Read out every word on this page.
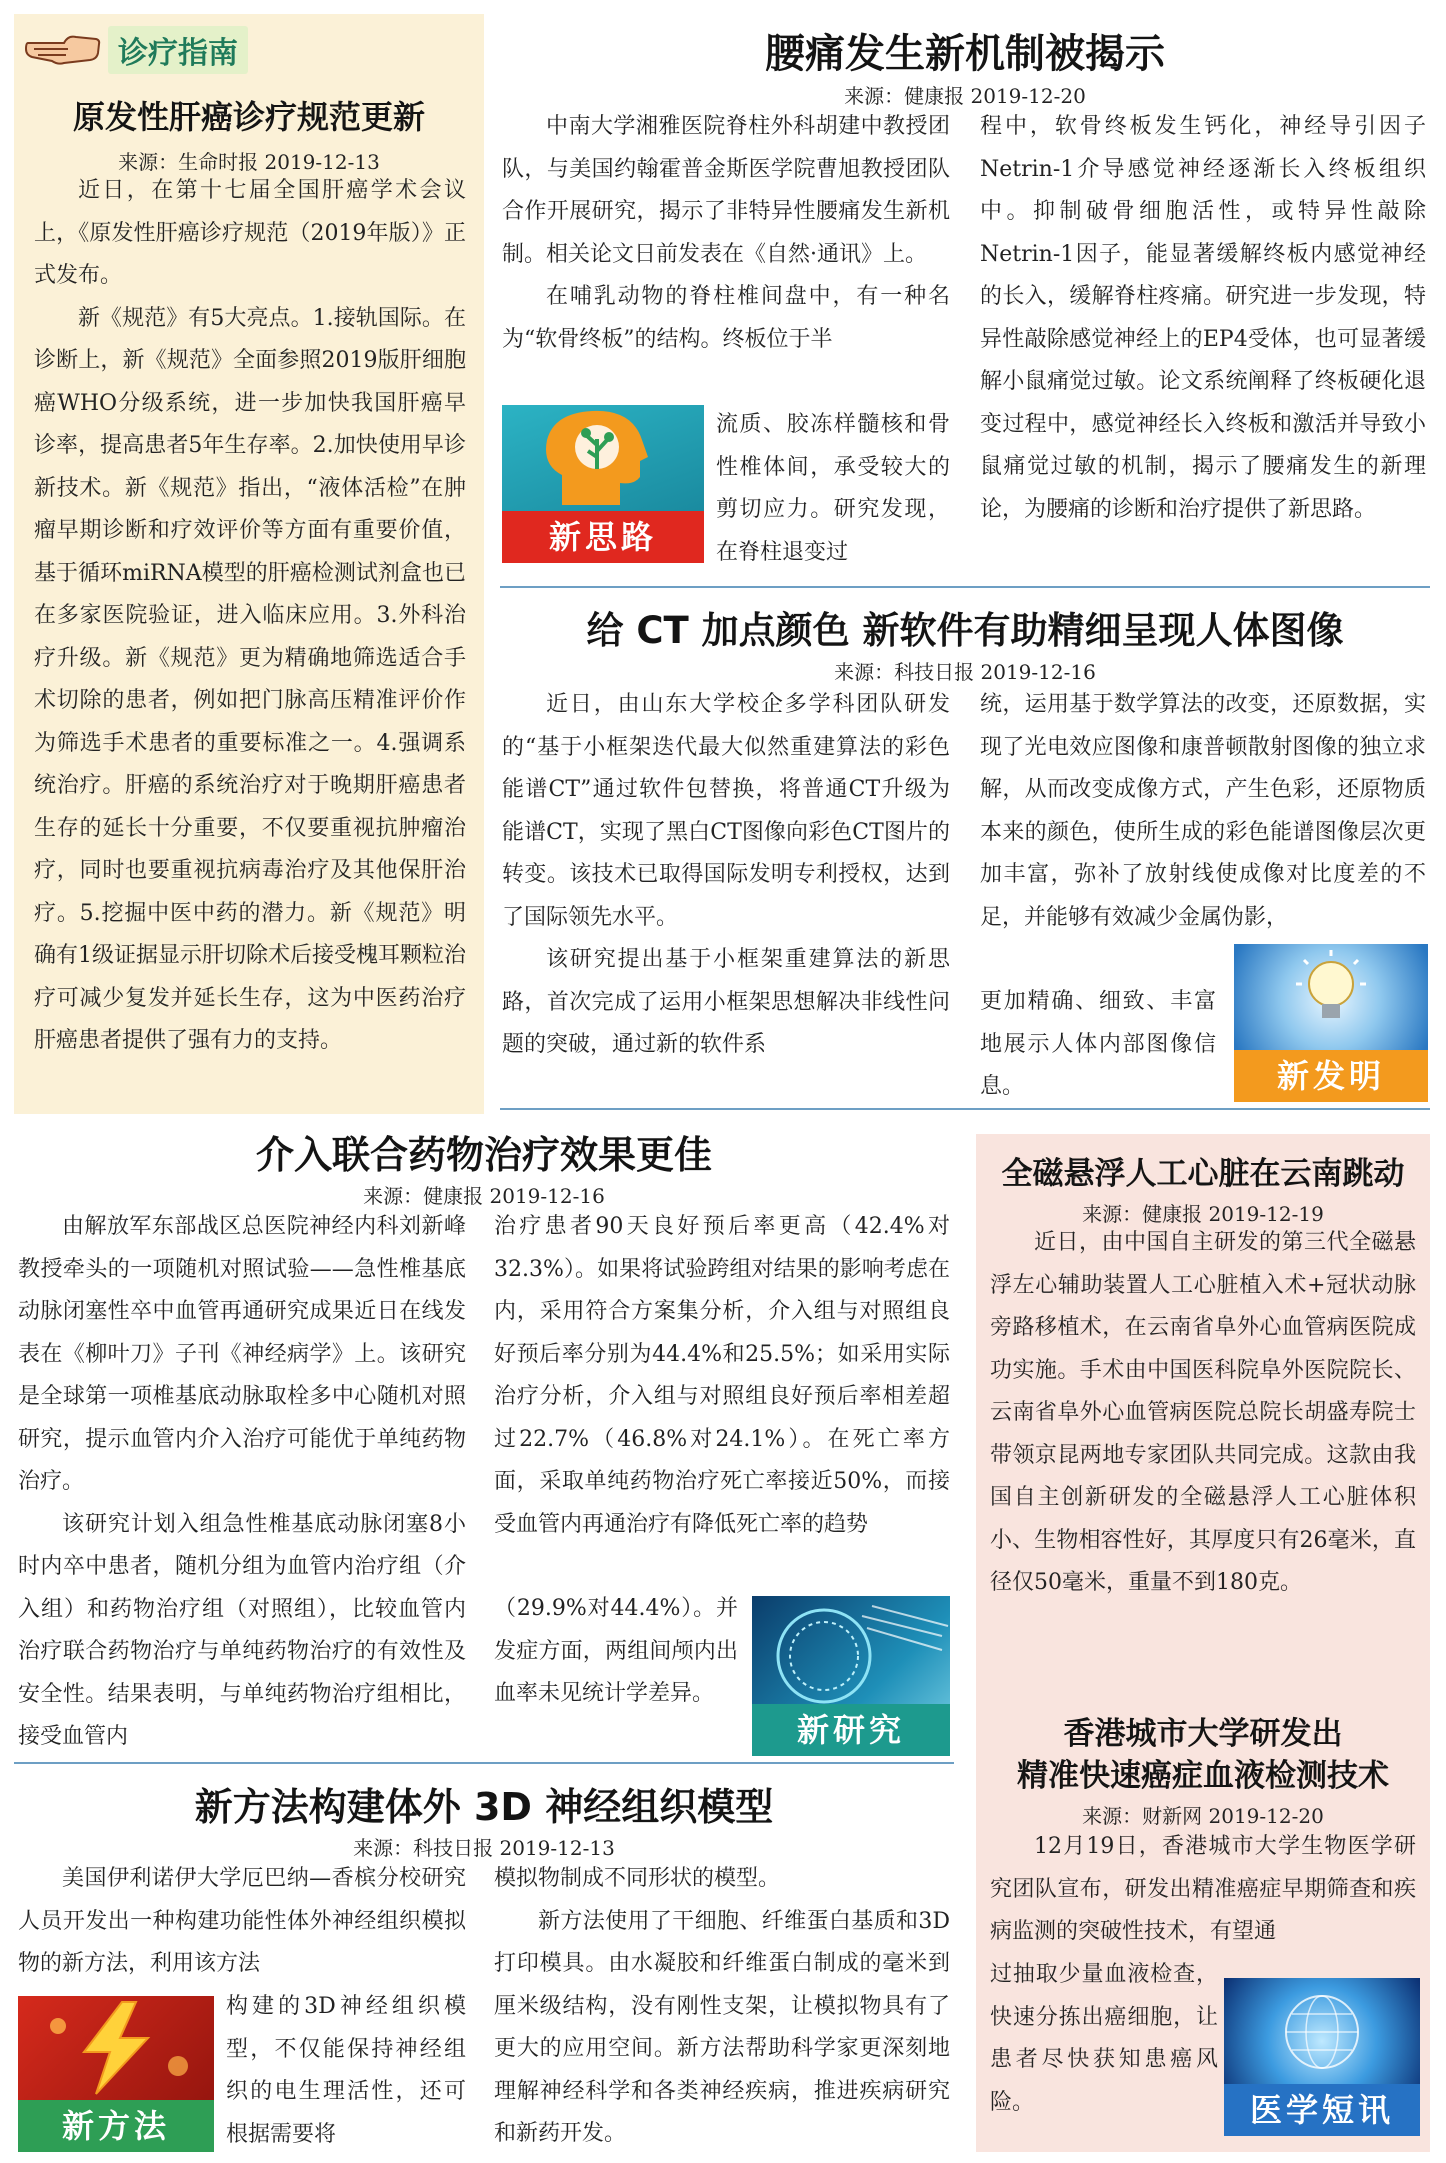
诊疗指南
原发性肝癌诊疗规范更新
来源：生命时报 2019-12-13

近日，在第十七届全国肝癌学术会议上，《原发性肝癌诊疗规范（2019年版）》正式发布。

新《规范》有5大亮点。1.接轨国际。在诊断上，新《规范》全面参照2019版肝细胞癌WHO分级系统，进一步加快我国肝癌早诊率，提高患者5年生存率。2.加快使用早诊新技术。新《规范》指出，“液体活检”在肿瘤早期诊断和疗效评价等方面有重要价值，基于循环miRNA模型的肝癌检测试剂盒也已在多家医院验证，进入临床应用。3.外科治疗升级。新《规范》更为精确地筛选适合手术切除的患者，例如把门脉高压精准评价作为筛选手术患者的重要标准之一。4.强调系统治疗。肝癌的系统治疗对于晚期肝癌患者生存的延长十分重要，不仅要重视抗肿瘤治疗，同时也要重视抗病毒治疗及其他保肝治疗。5.挖掘中医中药的潜力。新《规范》明确有1级证据显示肝切除术后接受槐耳颗粒治疗可减少复发并延长生存，这为中医药治疗肝癌患者提供了强有力的支持。

腰痛发生新机制被揭示
来源：健康报 2019-12-20

中南大学湘雅医院脊柱外科胡建中教授团队，与美国约翰霍普金斯医学院曹旭教授团队合作开展研究，揭示了非特异性腰痛发生新机制。相关论文日前发表在《自然·通讯》上。

在哺乳动物的脊柱椎间盘中，有一种名为“软骨终板”的结构。终板位于半

新思路

流质、胶冻样髓核和骨性椎体间，承受较大的剪切应力。研究发现，在脊柱退变过

程中，软骨终板发生钙化，神经导引因子Netrin-1介导感觉神经逐渐长入终板组织中。抑制破骨细胞活性，或特异性敲除Netrin-1因子，能显著缓解终板内感觉神经的长入，缓解脊柱疼痛。研究进一步发现，特异性敲除感觉神经上的EP4受体，也可显著缓解小鼠痛觉过敏。论文系统阐释了终板硬化退变过程中，感觉神经长入终板和激活并导致小鼠痛觉过敏的机制，揭示了腰痛发生的新理论，为腰痛的诊断和治疗提供了新思路。

给 CT 加点颜色 新软件有助精细呈现人体图像
来源：科技日报 2019-12-16

近日，由山东大学校企多学科团队研发的“基于小框架迭代最大似然重建算法的彩色能谱CT”通过软件包替换，将普通CT升级为能谱CT，实现了黑白CT图像向彩色CT图片的转变。该技术已取得国际发明专利授权，达到了国际领先水平。

该研究提出基于小框架重建算法的新思路，首次完成了运用小框架思想解决非线性问题的突破，通过新的软件系

统，运用基于数学算法的改变，还原数据，实现了光电效应图像和康普顿散射图像的独立求解，从而改变成像方式，产生色彩，还原物质本来的颜色，使所生成的彩色能谱图像层次更加丰富，弥补了放射线使成像对比度差的不足，并能够有效减少金属伪影，

更加精确、细致、丰富地展示人体内部图像信息。	新发明
介入联合药物治疗效果更佳
来源：健康报 2019-12-16

由解放军东部战区总医院神经内科刘新峰教授牵头的一项随机对照试验——急性椎基底动脉闭塞性卒中血管再通研究成果近日在线发表在《柳叶刀》子刊《神经病学》上。该研究是全球第一项椎基底动脉取栓多中心随机对照研究，提示血管内介入治疗可能优于单纯药物治疗。

该研究计划入组急性椎基底动脉闭塞8小时内卒中患者，随机分组为血管内治疗组（介入组）和药物治疗组（对照组），比较血管内治疗联合药物治疗与单纯药物治疗的有效性及安全性。结果表明，与单纯药物治疗组相比，接受血管内

治疗患者90天良好预后率更高（42.4%对32.3%）。如果将试验跨组对结果的影响考虑在内，采用符合方案集分析，介入组与对照组良好预后率分别为44.4%和25.5%；如采用实际治疗分析，介入组与对照组良好预后率相差超过22.7%（46.8%对24.1%）。在死亡率方面，采取单纯药物治疗死亡率接近50%，而接受血管内再通治疗有降低死亡率的趋势

（29.9%对44.4%）。并发症方面，两组间颅内出血率未见统计学差异。

新研究
全磁悬浮人工心脏在云南跳动
来源：健康报 2019-12-19

近日，由中国自主研发的第三代全磁悬浮左心辅助装置人工心脏植入术+冠状动脉旁路移植术，在云南省阜外心血管病医院成功实施。手术由中国医科院阜外医院院长、云南省阜外心血管病医院总院长胡盛寿院士带领京昆两地专家团队共同完成。这款由我国自主创新研发的全磁悬浮人工心脏体积小、生物相容性好，其厚度只有26毫米，直径仅50毫米，重量不到180克。

香港城市大学研发出
精准快速癌症血液检测技术
来源：财新网 2019-12-20

12月19日，香港城市大学生物医学研究团队宣布，研发出精准癌症早期筛查和疾病监测的突破性技术，有望通

过抽取少量血液检查，快速分拣出癌细胞，让患者尽快获知患癌风险。	医学短讯
新方法构建体外 3D 神经组织模型
来源：科技日报 2019-12-13

美国伊利诺伊大学厄巴纳—香槟分校研究人员开发出一种构建功能性体外神经组织模拟物的新方法，利用该方法

新方法

构建的3D神经组织模型，不仅能保持神经组织的电生理活性，还可根据需要将

模拟物制成不同形状的模型。

新方法使用了干细胞、纤维蛋白基质和3D打印模具。由水凝胶和纤维蛋白制成的毫米到厘米级结构，没有刚性支架，让模拟物具有了更大的应用空间。新方法帮助科学家更深刻地理解神经科学和各类神经疾病，推进疾病研究和新药开发。
